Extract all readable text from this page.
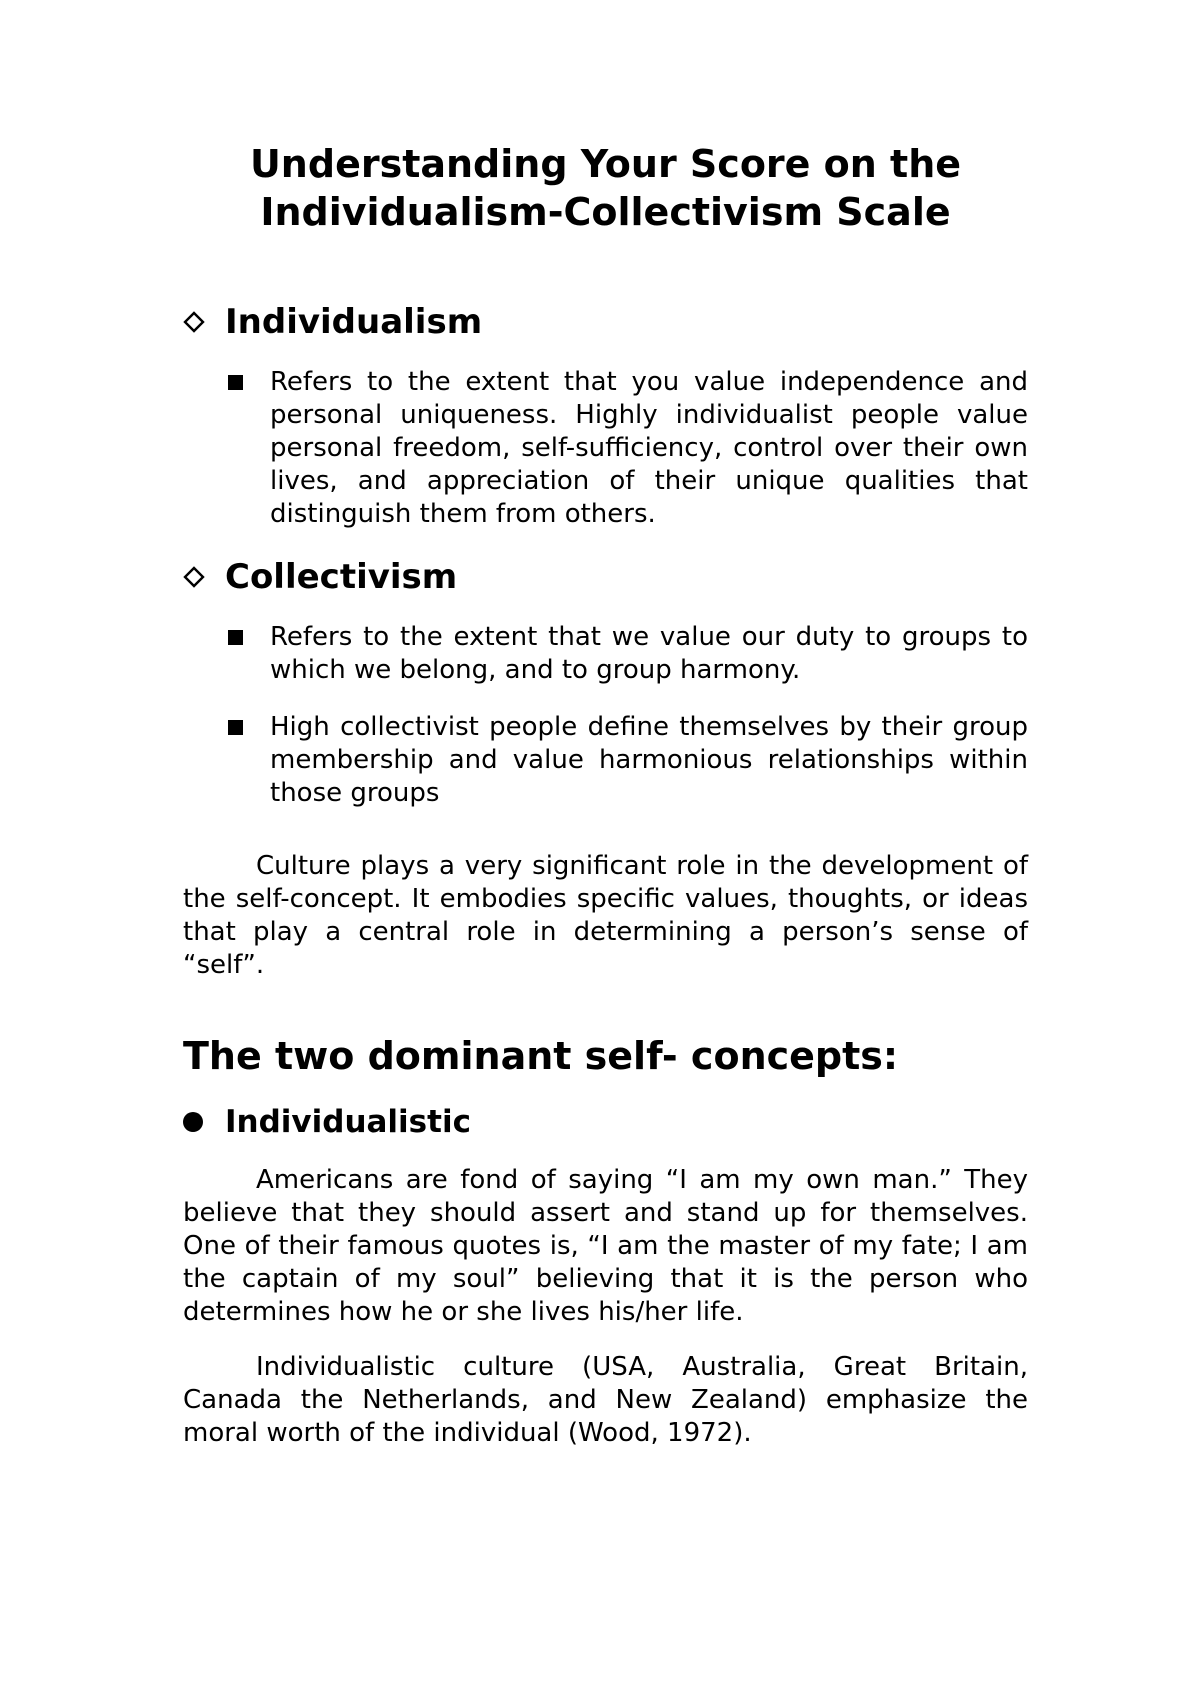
Understanding Your Score on the

Individualism-Collectivism Scale

Individualism
Refers to the extent that you value independence and personal uniqueness. Highly individualist people value personal freedom, self-sufficiency, control over their own lives, and appreciation of their unique qualities that distinguish them from others.
Collectivism
Refers to the extent that we value our duty to groups to which we belong, and to group harmony.
High collectivist people define themselves by their group membership and value harmonious relationships within those groups

Culture plays a very significant role in the development of the self-concept. It embodies specific values, thoughts, or ideas that play a central role in determining a person’s sense of “self”.

The two dominant self- concepts:
Individualistic

Americans are fond of saying “I am my own man.” They believe that they should assert and stand up for themselves. One of their famous quotes is, “I am the master of my fate; I am the captain of my soul” believing that it is the person who determines how he or she lives his/her life.

Individualistic culture (USA, Australia, Great Britain, Canada the Netherlands, and New Zealand) emphasize the moral worth of the individual (Wood, 1972).
